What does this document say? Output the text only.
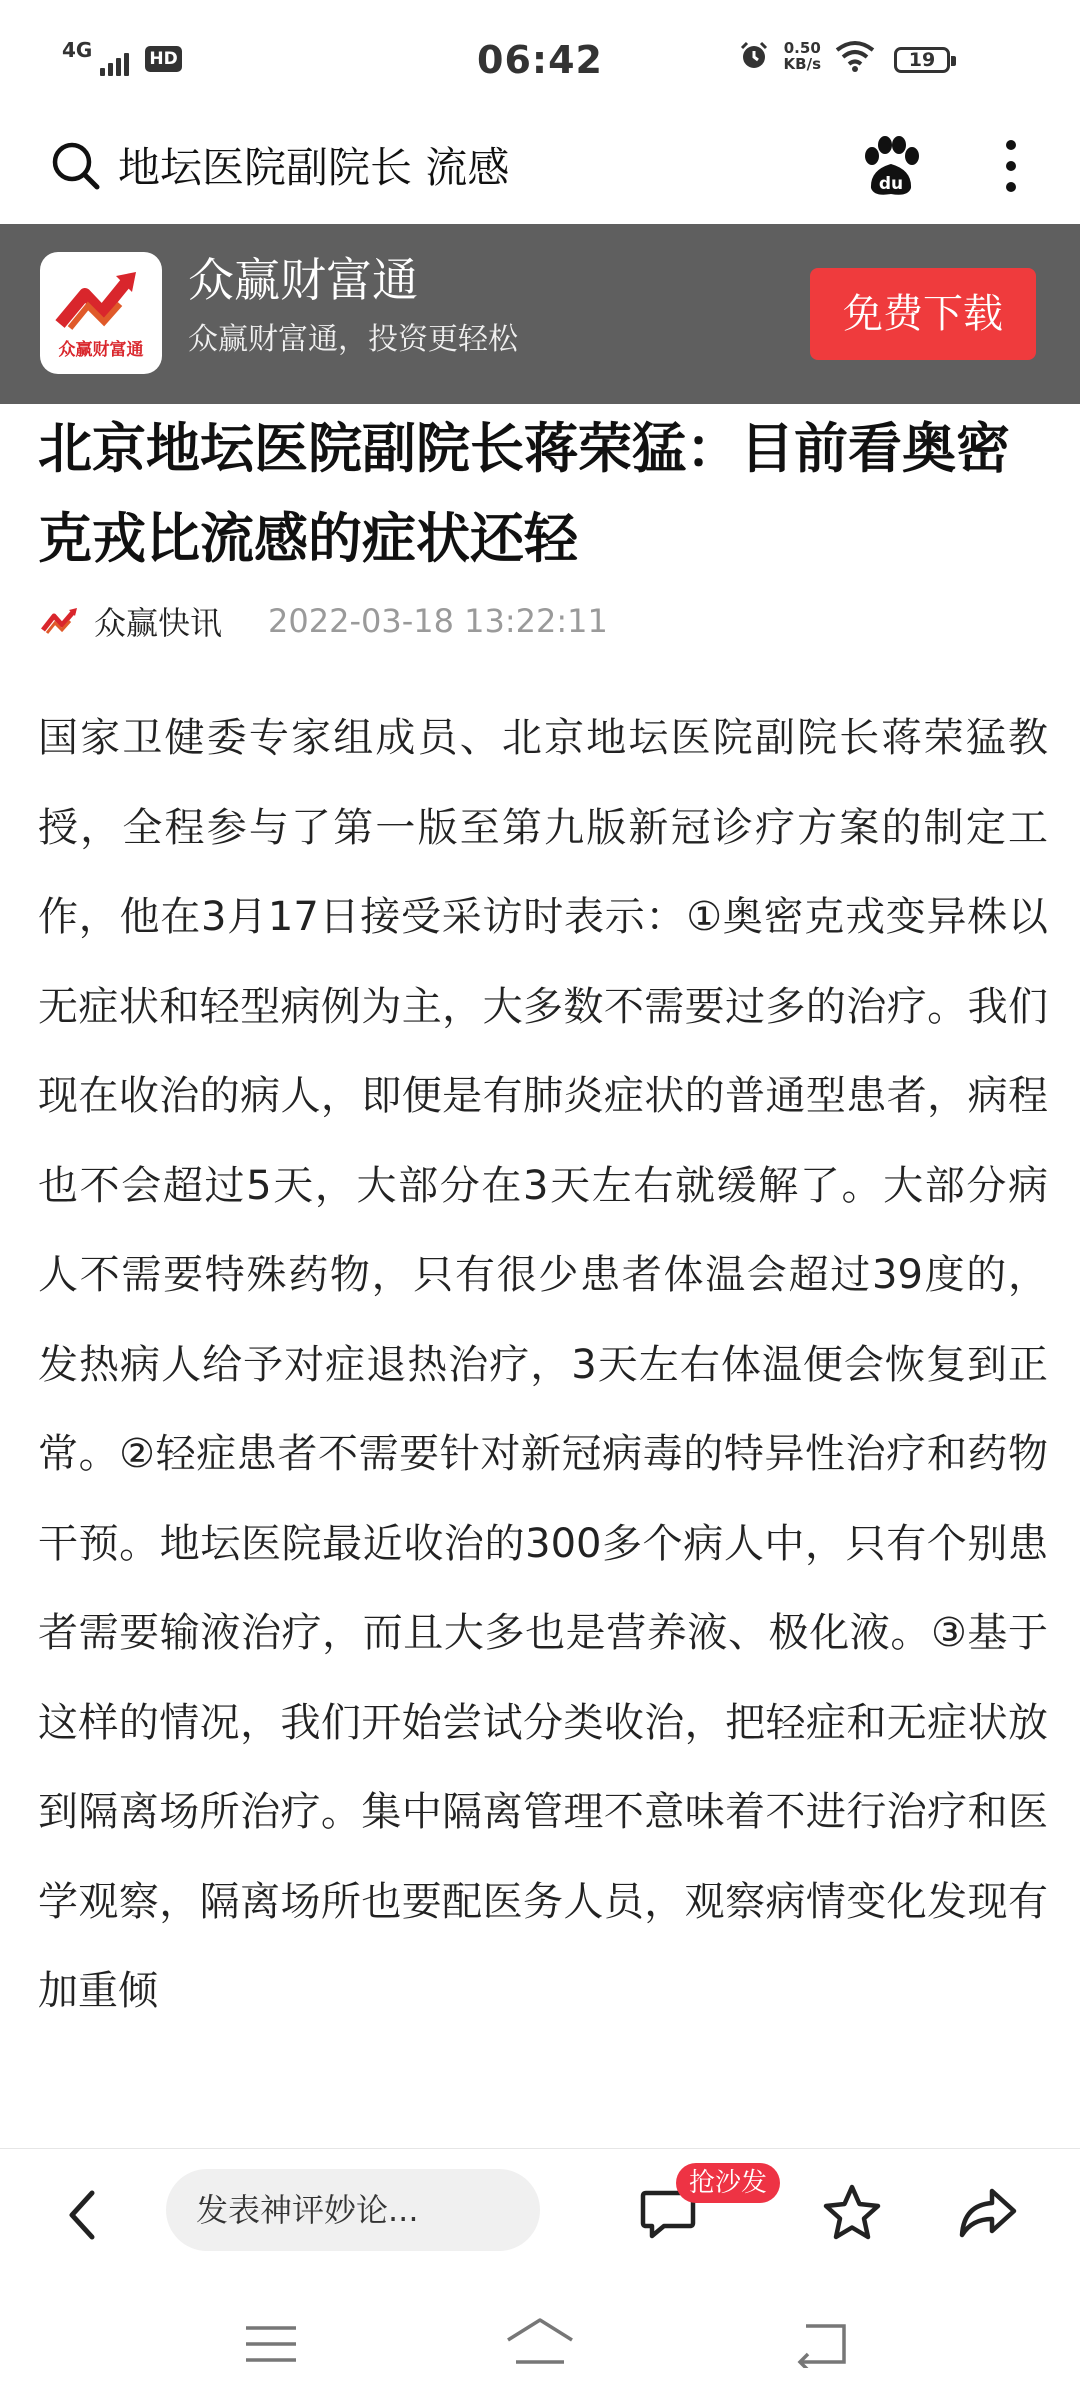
4G	HD	06:42	0.50
KB/s	19
地坛医院副院长 流感	du
众赢财富通
众赢财富通
众赢财富通，投资更轻松
免费下载
北京地坛医院副院长蒋荣猛：目前看奥密克戎比流感的症状还轻
众赢快讯 2022-03-18 13:22:11
国家卫健委专家组成员、北京地坛医院副院长蒋荣猛教授，全程参与了第一版至第九版新冠诊疗方案的制定工作，他在3月17日接受采访时表示：①奥密克戎变异株以无症状和轻型病例为主，大多数不需要过多的治疗。我们现在收治的病人，即便是有肺炎症状的普通型患者，病程也不会超过5天，大部分在3天左右就缓解了。大部分病人不需要特殊药物，只有很少患者体温会超过39度的，发热病人给予对症退热治疗，3天左右体温便会恢复到正常。②轻症患者不需要针对新冠病毒的特异性治疗和药物干预。地坛医院最近收治的300多个病人中，只有个别患者需要输液治疗，而且大多也是营养液、极化液。③基于这样的情况，我们开始尝试分类收治，把轻症和无症状放到隔离场所治疗。集中隔离管理不意味着不进行治疗和医学观察，隔离场所也要配医务人员，观察病情变化发现有加重倾
发表神评妙论...
抢沙发
